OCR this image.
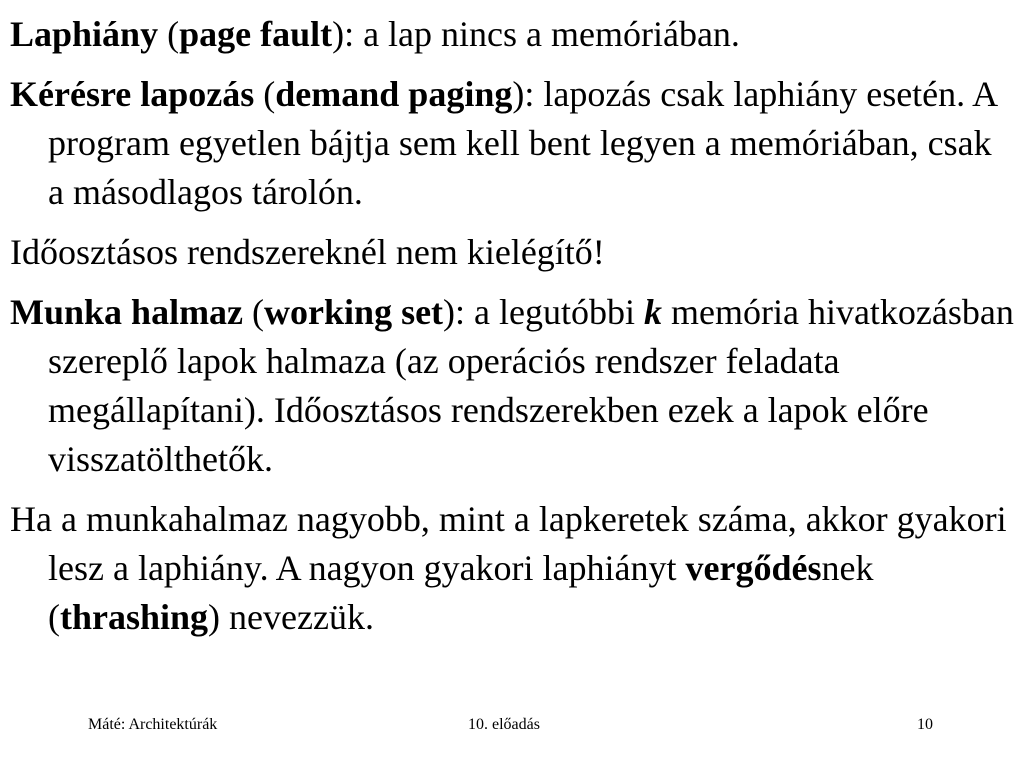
Laphiány (page fault): a lap nincs a memóriában.

Kérésre lapozás (demand paging): lapozás csak laphiány esetén. A program egyetlen bájtja sem kell bent legyen a memóriában, csak a másodlagos tárolón.

Időosztásos rendszereknél nem kielégítő!

Munka halmaz (working set): a legutóbbi k memória hivatkozásban szereplő lapok halmaza (az operációs rendszer feladata megállapítani). Időosztásos rendszerekben ezek a lapok előre visszatölthetők.

Ha a munkahalmaz nagyobb, mint a lapkeretek száma, akkor gyakori lesz a laphiány. A nagyon gyakori laphiányt vergődésnek (thrashing) nevezzük.

Máté: Architektúrák	10. előadás	10
